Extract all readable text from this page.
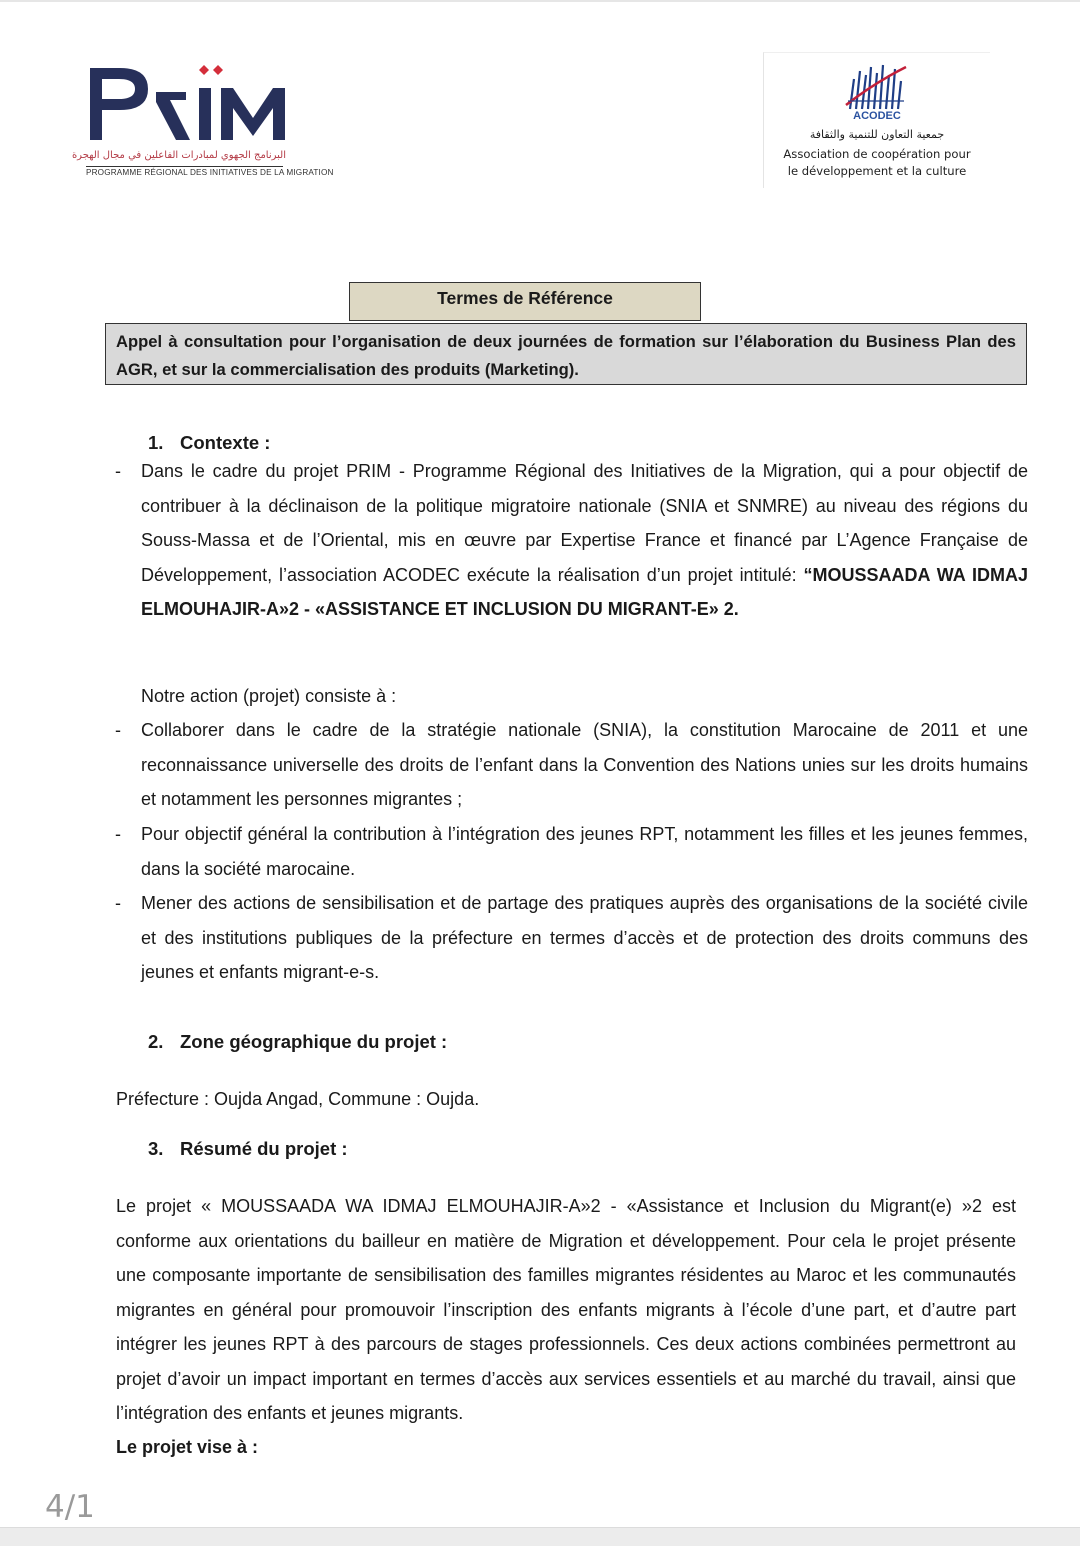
البرنامج الجهوي لمبادرات الفاعلين في مجال الهجرة
PROGRAMME RÉGIONAL DES INITIATIVES DE LA MIGRATION
ACODEC
جمعية التعاون للتنمية والثقافة
Association de coopération pour
le développement et la culture
Termes de Référence
Appel à consultation pour l’organisation de deux journées de formation sur l’élaboration du Business Plan des AGR, et sur la commercialisation des produits (Marketing).
1. Contexte :
- Dans le cadre du projet PRIM - Programme Régional des Initiatives de la Migration, qui a pour objectif de contribuer à la déclinaison de la politique migratoire nationale (SNIA et SNMRE) au niveau des régions du Souss-Massa et de l’Oriental, mis en œuvre par Expertise France et financé par L’Agence Française de Développement, l’association ACODEC exécute la réalisation d’un projet intitulé: “MOUSSAADA WA IDMAJ ELMOUHAJIR-A»2 - «ASSISTANCE ET INCLUSION DU MIGRANT-E» 2.
Notre action (projet) consiste à :
- Collaborer dans le cadre de la stratégie nationale (SNIA), la constitution Marocaine de 2011 et une reconnaissance universelle des droits de l’enfant dans la Convention des Nations unies sur les droits humains et notamment les personnes migrantes ;
- Pour objectif général la contribution à l’intégration des jeunes RPT, notamment les filles et les jeunes femmes, dans la société marocaine.
- Mener des actions de sensibilisation et de partage des pratiques auprès des organisations de la société civile et des institutions publiques de la préfecture en termes d’accès et de protection des droits communs des jeunes et enfants migrant-e-s.
2. Zone géographique du projet :
Préfecture : Oujda Angad, Commune : Oujda.
3. Résumé du projet :
Le projet « MOUSSAADA WA IDMAJ ELMOUHAJIR-A»2 - «Assistance et Inclusion du Migrant(e) »2 est conforme aux orientations du bailleur en matière de Migration et développement. Pour cela le projet présente une composante importante de sensibilisation des familles migrantes résidentes au Maroc et les communautés migrantes en général pour promouvoir l’inscription des enfants migrants à l’école d’une part, et d’autre part intégrer les jeunes RPT à des parcours de stages professionnels. Ces deux actions combinées permettront au projet d’avoir un impact important en termes d’accès aux services essentiels et au marché du travail, ainsi que l’intégration des enfants et jeunes migrants.
Le projet vise à :
4/1
